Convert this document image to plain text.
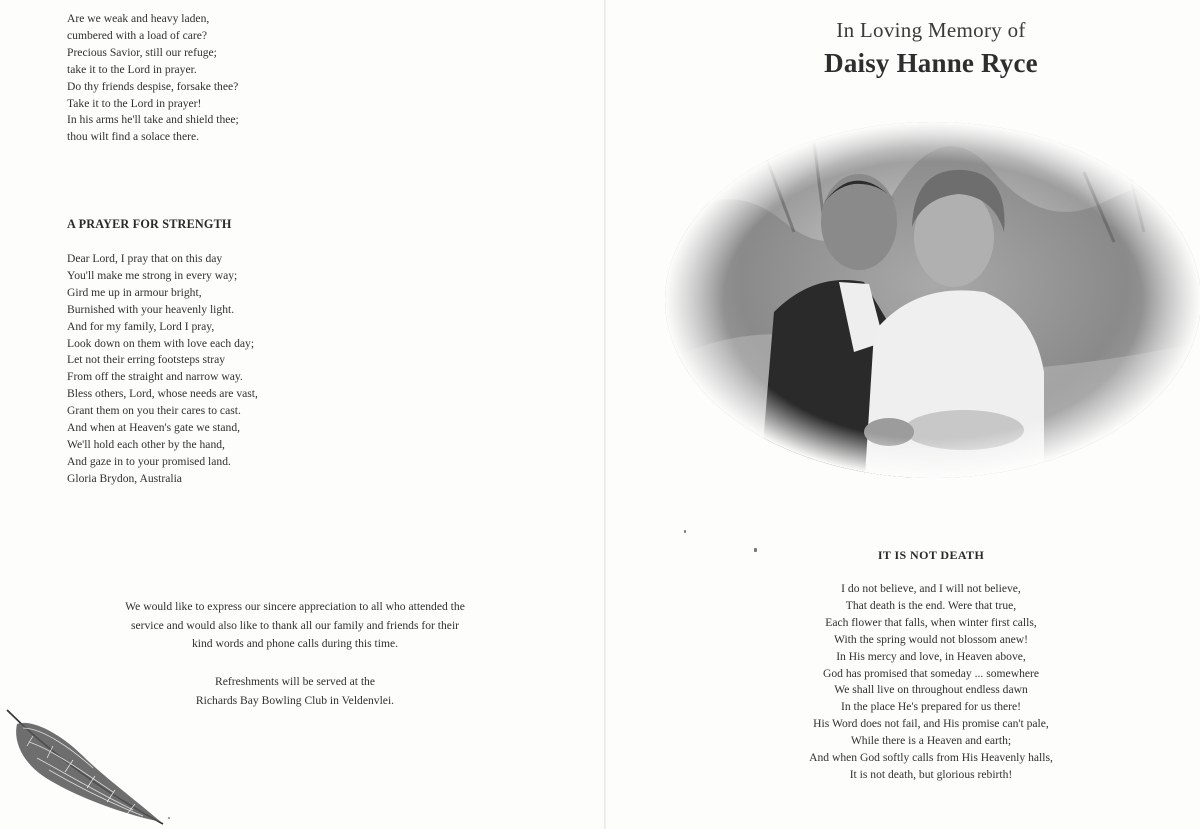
Are we weak and heavy laden,
cumbered with a load of care?
Precious Savior, still our refuge;
take it to the Lord in prayer.
Do thy friends despise, forsake thee?
Take it to the Lord in prayer!
In his arms he'll take and shield thee;
thou wilt find a solace there.
A PRAYER FOR STRENGTH
Dear Lord, I pray that on this day
You'll make me strong in every way;
Gird me up in armour bright,
Burnished with your heavenly light.
And for my family, Lord I pray,
Look down on them with love each day;
Let not their erring footsteps stray
From off the straight and narrow way.
Bless others, Lord, whose needs are vast,
Grant them on you their cares to cast.
And when at Heaven's gate we stand,
We'll hold each other by the hand,
And gaze in to your promised land.
Gloria Brydon, Australia
We would like to express our sincere appreciation to all who attended the
service and would also like to thank all our family and friends for their
kind words and phone calls during this time.
Refreshments will be served at the
Richards Bay Bowling Club in Veldenvlei.
In Loving Memory of
Daisy Hanne Ryce
IT IS NOT DEATH
I do not believe, and I will not believe,
That death is the end. Were that true,
Each flower that falls, when winter first calls,
With the spring would not blossom anew!
In His mercy and love, in Heaven above,
God has promised that someday ... somewhere
We shall live on throughout endless dawn
In the place He's prepared for us there!
His Word does not fail, and His promise can't pale,
While there is a Heaven and earth;
And when God softly calls from His Heavenly halls,
It is not death, but glorious rebirth!
